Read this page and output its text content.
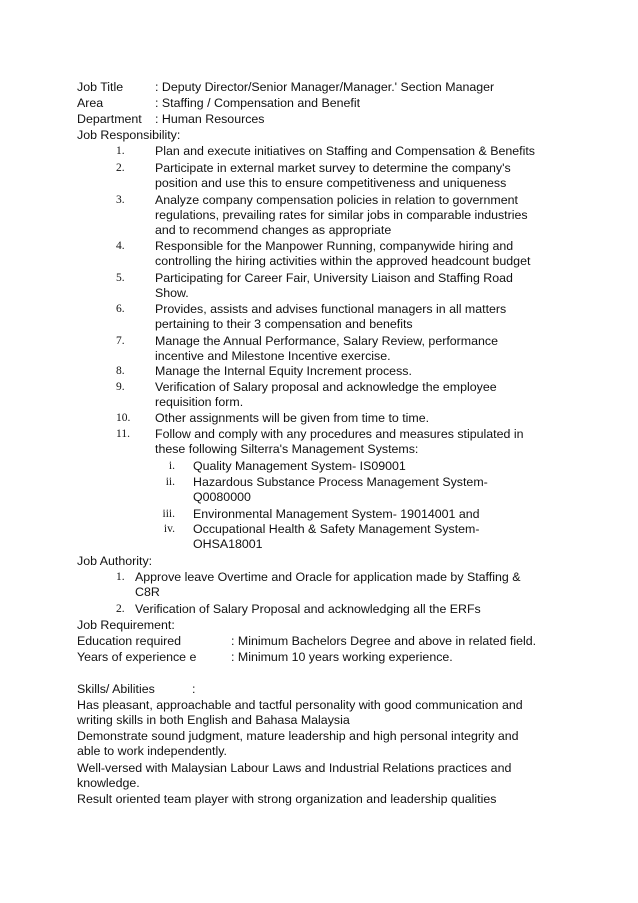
Job Title	: Deputy Director/Senior Manager/Manager.' Section Manager
Area	: Staffing / Compensation and Benefit
Department : Human Resources
Job Responsibility:
1. Plan and execute initiatives on Staffing and Compensation & Benefits
2. Participate in external market survey to determine the company's
position and use this to ensure competitiveness and uniqueness
3. Analyze company compensation policies in relation to government
regulations, prevailing rates for similar jobs in comparable industries
and to recommend changes as appropriate
4. Responsible for the Manpower Running, companywide hiring and
controlling the hiring activities within the approved headcount budget
5. Participating for Career Fair, University Liaison and Staffing Road
Show.
6. Provides, assists and advises functional managers in all matters
pertaining to their 3 compensation and benefits
7. Manage the Annual Performance, Salary Review, performance
incentive and Milestone Incentive exercise.
8. Manage the Internal Equity Increment process.
9. Verification of Salary proposal and acknowledge the employee
requisition form.
10. Other assignments will be given from time to time.
11. Follow and comply with any procedures and measures stipulated in
these following Silterra's Management Systems:
i. Quality Management System- IS09001
ii. Hazardous Substance Process Management System-
Q0080000
iii. Environmental Management System- 19014001 and
iv. Occupational Health & Safety Management System-
OHSA18001
Job Authority:
1. Approve leave Overtime and Oracle for application made by Staffing &
C8R
2. Verification of Salary Proposal and acknowledging all the ERFs
Job Requirement:
Education required	: Minimum Bachelors Degree and above in related field.
Years of experience e	: Minimum 10 years working experience.
Skills/ Abilities	:
Has pleasant, approachable and tactful personality with good communication and
writing skills in both English and Bahasa Malaysia
Demonstrate sound judgment, mature leadership and high personal integrity and
able to work independently.
Well-versed with Malaysian Labour Laws and Industrial Relations practices and
knowledge.
Result oriented team player with strong organization and leadership qualities
